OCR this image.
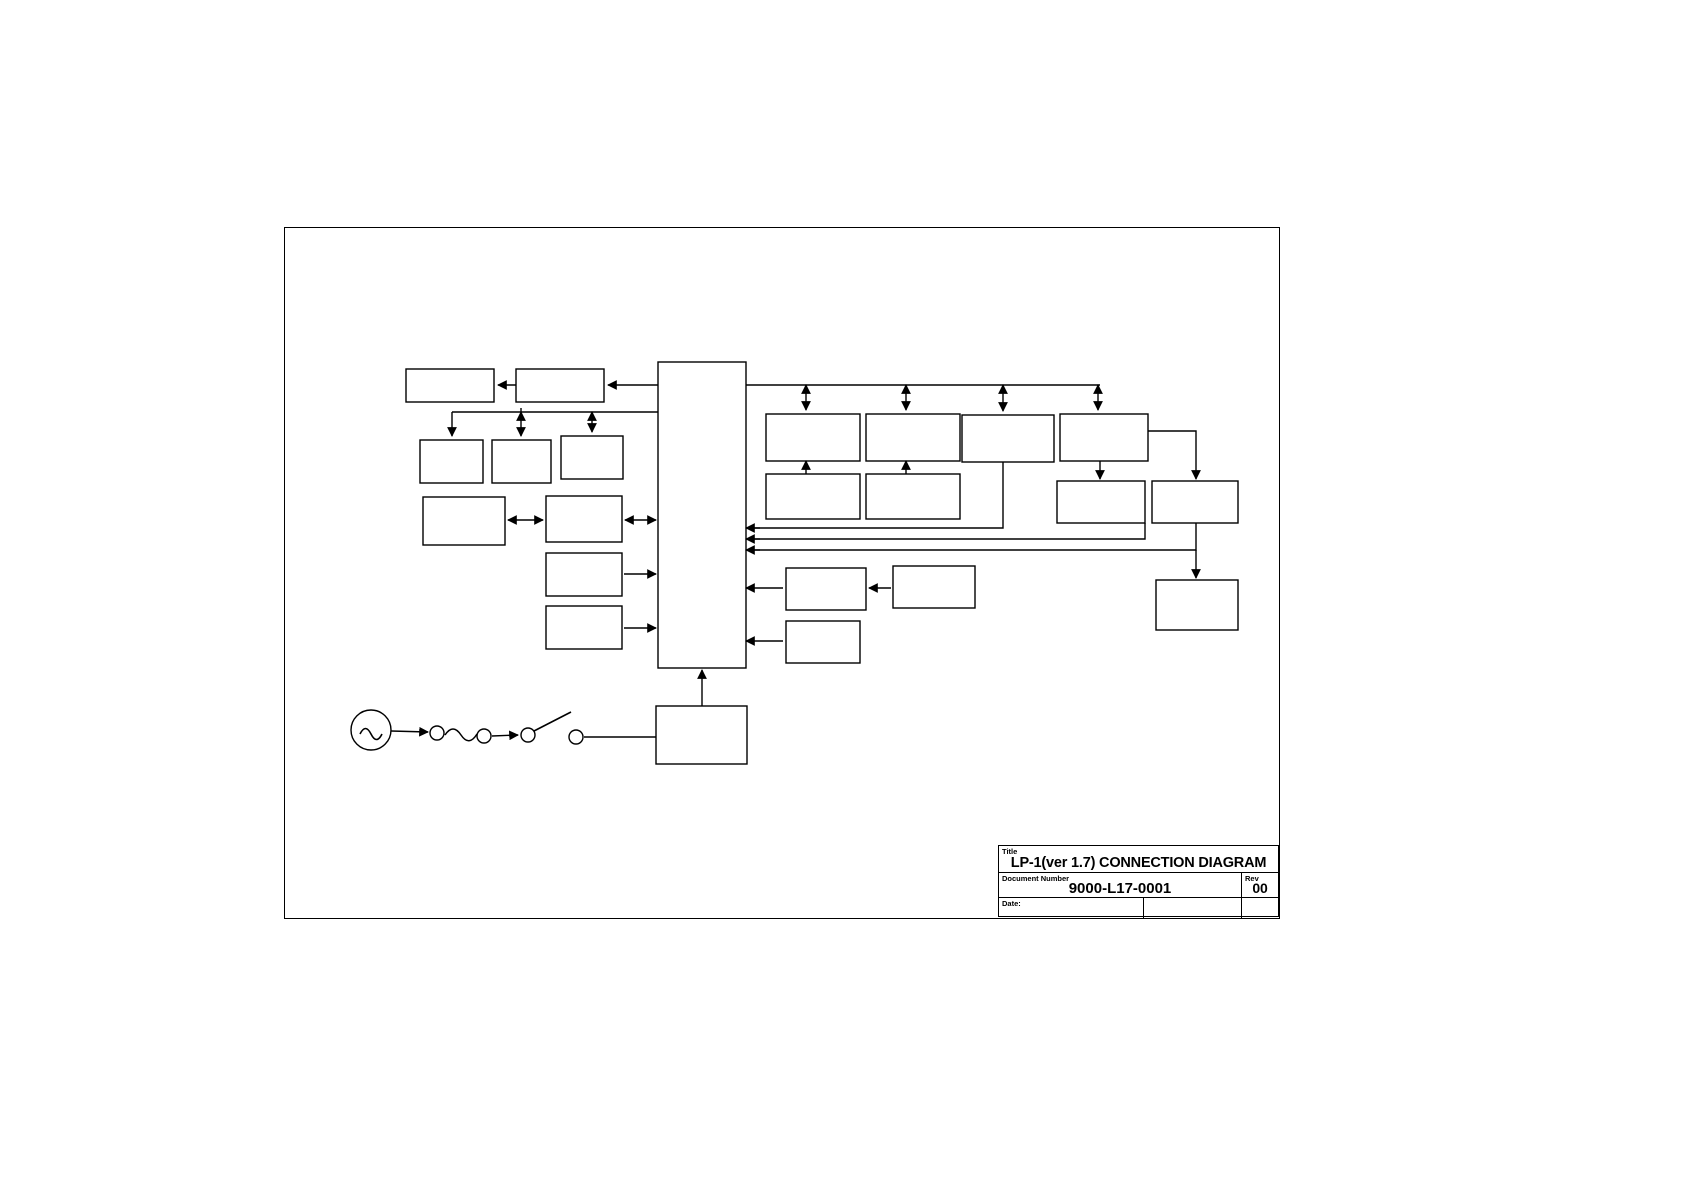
Title
LP-1(ver 1.7) CONNECTION DIAGRAM
Document Number
9000-L17-0001
Rev
00
Date:
